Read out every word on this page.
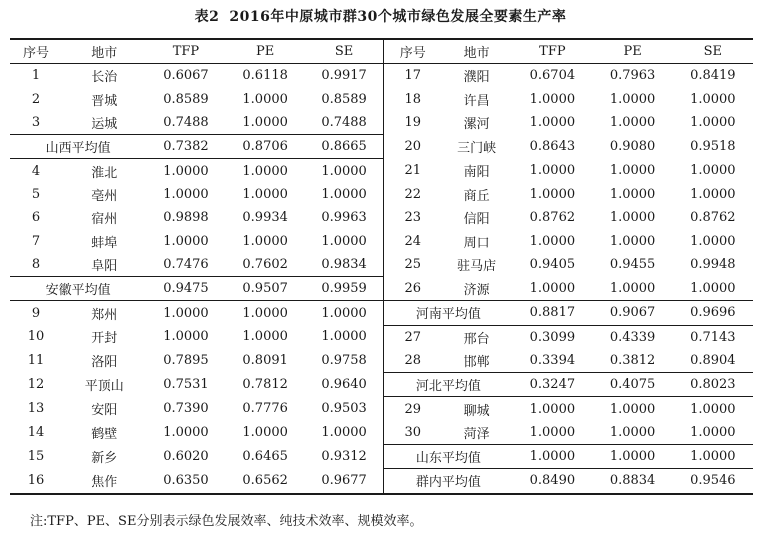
表2 2016年中原城市群30个城市绿色发展全要素生产率
序号	地市	TFP	PE	SE	序号	地市	TFP	PE	SE
1	长治	0.6067	0.6118	0.9917	17	濮阳	0.6704	0.7963	0.8419
2	晋城	0.8589	1.0000	0.8589	18	许昌	1.0000	1.0000	1.0000
3	运城	0.7488	1.0000	0.7488	19	漯河	1.0000	1.0000	1.0000
山西平均值		0.7382	0.8706	0.8665	20	三门峡	0.8643	0.9080	0.9518
4	淮北	1.0000	1.0000	1.0000	21	南阳	1.0000	1.0000	1.0000
5	亳州	1.0000	1.0000	1.0000	22	商丘	1.0000	1.0000	1.0000
6	宿州	0.9898	0.9934	0.9963	23	信阳	0.8762	1.0000	0.8762
7	蚌埠	1.0000	1.0000	1.0000	24	周口	1.0000	1.0000	1.0000
8	阜阳	0.7476	0.7602	0.9834	25	驻马店	0.9405	0.9455	0.9948
安徽平均值		0.9475	0.9507	0.9959	26	济源	1.0000	1.0000	1.0000
9	郑州	1.0000	1.0000	1.0000	河南平均值		0.8817	0.9067	0.9696
10	开封	1.0000	1.0000	1.0000	27	邢台	0.3099	0.4339	0.7143
11	洛阳	0.7895	0.8091	0.9758	28	邯郸	0.3394	0.3812	0.8904
12	平顶山	0.7531	0.7812	0.9640	河北平均值		0.3247	0.4075	0.8023
13	安阳	0.7390	0.7776	0.9503	29	聊城	1.0000	1.0000	1.0000
14	鹤壁	1.0000	1.0000	1.0000	30	菏泽	1.0000	1.0000	1.0000
15	新乡	0.6020	0.6465	0.9312	山东平均值		1.0000	1.0000	1.0000
16	焦作	0.6350	0.6562	0.9677	群内平均值		0.8490	0.8834	0.9546
注:TFP、PE、SE分别表示绿色发展效率、纯技术效率、规模效率。
